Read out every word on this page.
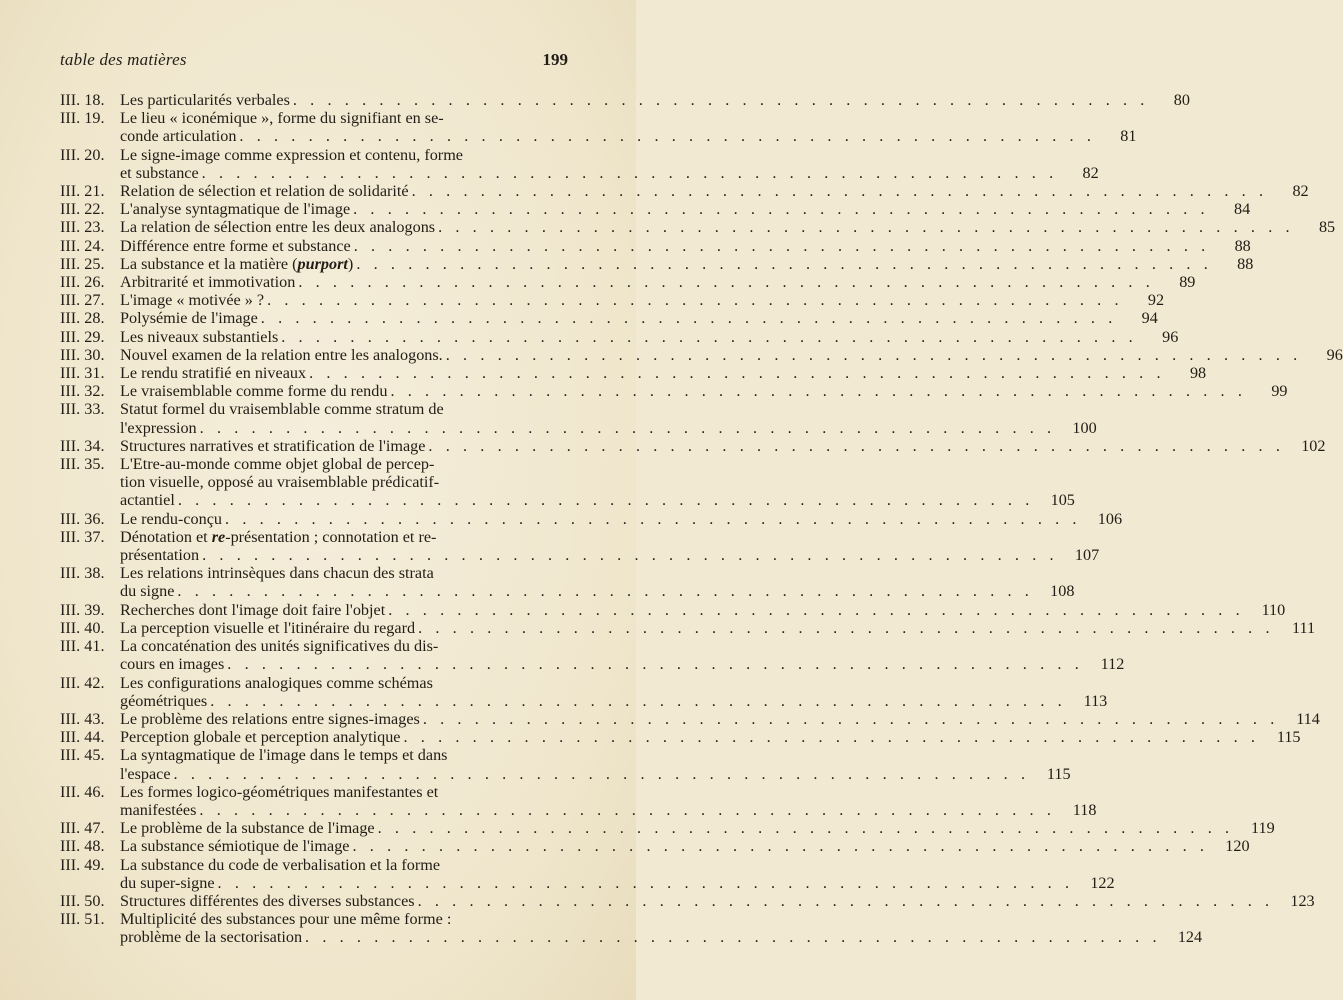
table des matières	199
III. 18. Les particularités verbales . . .	80
III. 19. Le lieu « iconémique », forme du signifiant en se-
conde articulation . . .	81
III. 20. Le signe-image comme expression et contenu, forme
et substance . . .	82
III. 21. Relation de sélection et relation de solidarité . . .	82
III. 22. L'analyse syntagmatique de l'image . . .	84
III. 23. La relation de sélection entre les deux analogons . . .	85
III. 24. Différence entre forme et substance . . .	88
III. 25. La substance et la matière (purport) . . .	88
III. 26. Arbitrarité et immotivation . . .	89
III. 27. L'image « motivée » ? . . .	92
III. 28. Polysémie de l'image . . .	94
III. 29. Les niveaux substantiels . . .	96
III. 30. Nouvel examen de la relation entre les analogons. . . .	96
III. 31. Le rendu stratifié en niveaux . . .	98
III. 32. Le vraisemblable comme forme du rendu . . .	99
III. 33. Statut formel du vraisemblable comme stratum de
l'expression . . .	100
III. 34. Structures narratives et stratification de l'image . . .	102
III. 35. L'Etre-au-monde comme objet global de percep-
tion visuelle, opposé au vraisemblable prédicatif-
actantiel . . .	105
III. 36. Le rendu-conçu . . .	106
III. 37. Dénotation et re-présentation ; connotation et re-
présentation . . .	107
III. 38. Les relations intrinsèques dans chacun des strata
du signe . . .	108
III. 39. Recherches dont l'image doit faire l'objet . . .	110
III. 40. La perception visuelle et l'itinéraire du regard . . .	111
III. 41. La concaténation des unités significatives du dis-
cours en images . . .	112
III. 42. Les configurations analogiques comme schémas
géométriques . . .	113
III. 43. Le problème des relations entre signes-images . . .	114
III. 44. Perception globale et perception analytique . . .	115
III. 45. La syntagmatique de l'image dans le temps et dans
l'espace . . .	115
III. 46. Les formes logico-géométriques manifestantes et
manifestées . . .	118
III. 47. Le problème de la substance de l'image . . .	119
III. 48. La substance sémiotique de l'image . . .	120
III. 49. La substance du code de verbalisation et la forme
du super-signe . . .	122
III. 50. Structures différentes des diverses substances . . .	123
III. 51. Multiplicité des substances pour une même forme :
problème de la sectorisation . . .	124
